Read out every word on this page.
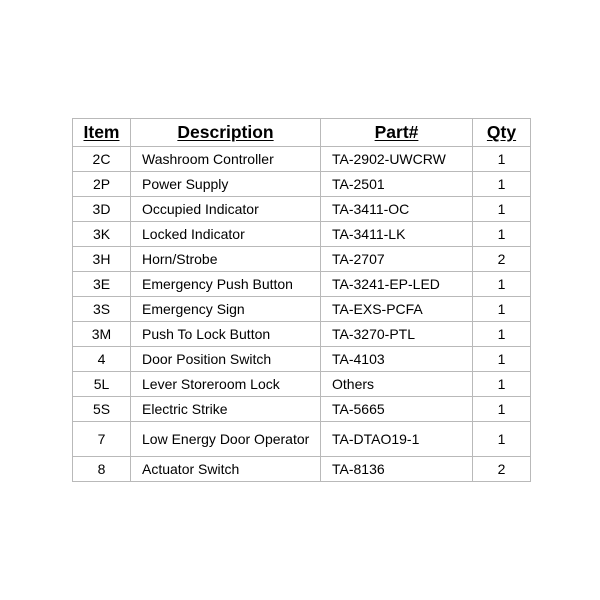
Item	Description	Part#	Qty
2C	Washroom Controller	TA-2902-UWCRW	1
2P	Power Supply	TA-2501	1
3D	Occupied Indicator	TA-3411-OC	1
3K	Locked Indicator	TA-3411-LK	1
3H	Horn/Strobe	TA-2707	2
3E	Emergency Push Button	TA-3241-EP-LED	1
3S	Emergency Sign	TA-EXS-PCFA	1
3M	Push To Lock Button	TA-3270-PTL	1
4	Door Position Switch	TA-4103	1
5L	Lever Storeroom Lock	Others	1
5S	Electric Strike	TA-5665	1
7	Low Energy Door Operator	TA-DTAO19-1	1
8	Actuator Switch	TA-8136	2
